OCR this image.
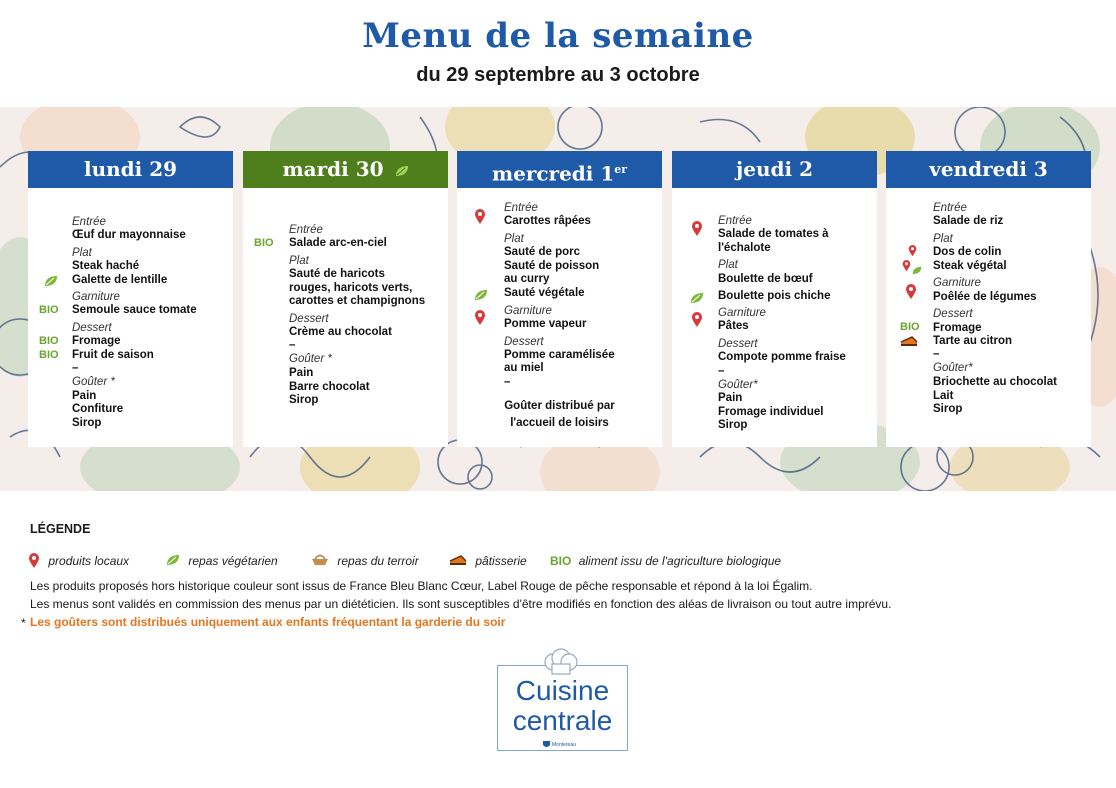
Menu de la semaine
du 29 septembre au 3 octobre
lundi 29
Entrée
Œuf dur mayonnaise
Plat
Steak haché
Galette de lentille
Garniture
BIO Semoule sauce tomate
Dessert
BIO Fromage
BIO Fruit de saison
–
Goûter *
Pain
Confiture
Sirop
mardi 30
Entrée
BIO Salade arc-en-ciel
Plat
Sauté de haricots
rouges, haricots verts,
carottes et champignons
Dessert
Crème au chocolat
–
Goûter *
Pain
Barre chocolat
Sirop
mercredi 1er
Entrée
Carottes râpées
Plat
Sauté de porc
Sauté de poisson
au curry
Sauté végétale
Garniture
Pomme vapeur
Dessert
Pomme caramélisée
au miel
–
Goûter distribué par
l'accueil de loisirs
jeudi 2
Entrée
Salade de tomates à
l'échalote
Plat
Boulette de bœuf
Boulette pois chiche
Garniture
Pâtes
Dessert
Compote pomme fraise
–
Goûter*
Pain
Fromage individuel
Sirop
vendredi 3
Entrée
Salade de riz
Plat
Dos de colin
Steak végétal
Garniture
Poêlée de légumes
Dessert
BIO Fromage
Tarte au citron
–
Goûter*
Briochette au chocolat
Lait
Sirop
LÉGENDE
produits locaux	repas végétarien	repas du terroir	pâtisserie BIO aliment issu de l'agriculture biologique
Les produits proposés hors historique couleur sont issus de France Bleu Blanc Cœur, Label Rouge de pêche responsable et répond à la loi Égalim.
Les menus sont validés en commission des menus par un diététicien. Ils sont susceptibles d'être modifiés en fonction des aléas de livraison ou tout autre imprévu.
* Les goûters sont distribués uniquement aux enfants fréquentant la garderie du soir
Cuisine
centrale
Montereau
